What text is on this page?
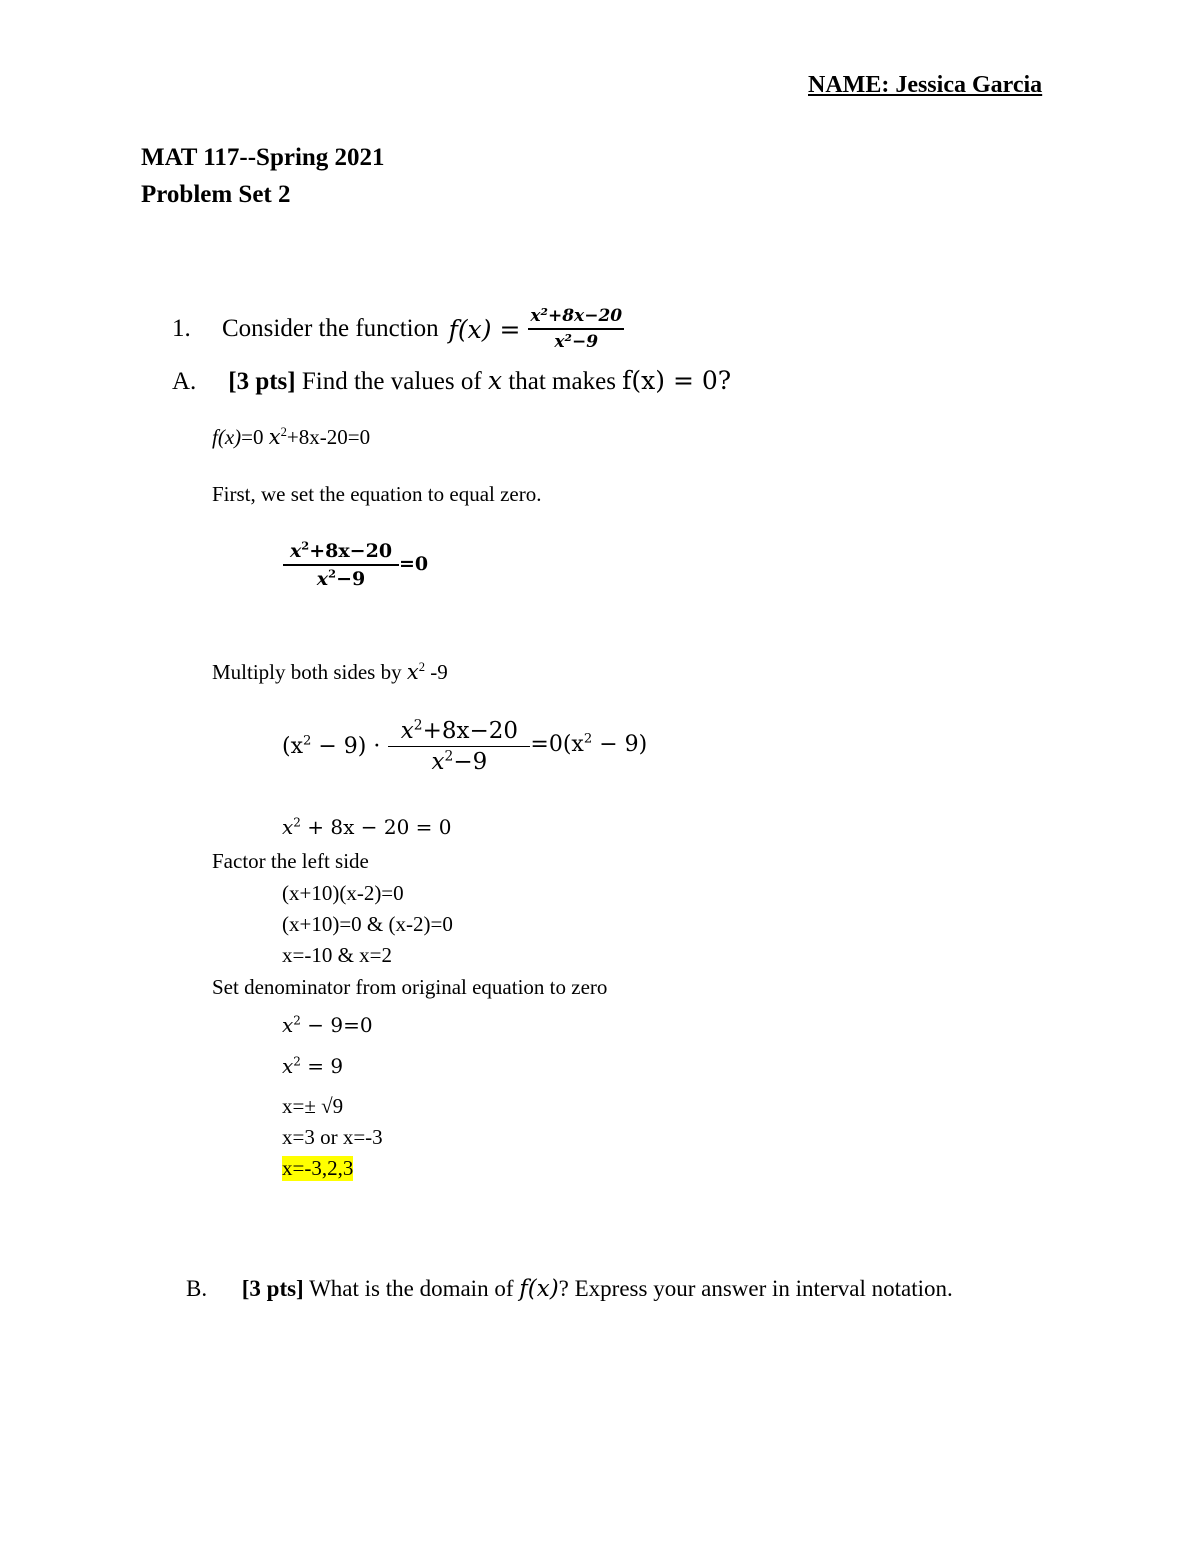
NAME: Jessica Garcia
MAT 117--Spring 2021
Problem Set 2
1.	Consider the function $f(x) = \frac{\text{x²+8x−20}}{\text{x²−9}}$
A. [3 pts] Find the values of x that makes f(x) = 0?
f(x)=0 $x^2+8x-20=0$
First, we set the equation to equal zero.
$\frac{x^2+8x-20}{x^2-9} =0$
Multiply both sides by $x^2$ -9
$(x^2 - 9) \cdot \frac{x^2+8x-20}{x^2-9} =0(x^2 - 9)$
$x^2 + 8x - 20 = 0$
Factor the left side
(x+10)(x-2)=0
(x+10)=0 & (x-2)=0
x=-10 & x=2
Set denominator from original equation to zero
$x^2 - 9=0$
$x^2 = 9$
x=± √9
x=3 or x=-3
x=-3,2,3
B. [3 pts] What is the domain of f(x)? Express your answer in interval notation.
